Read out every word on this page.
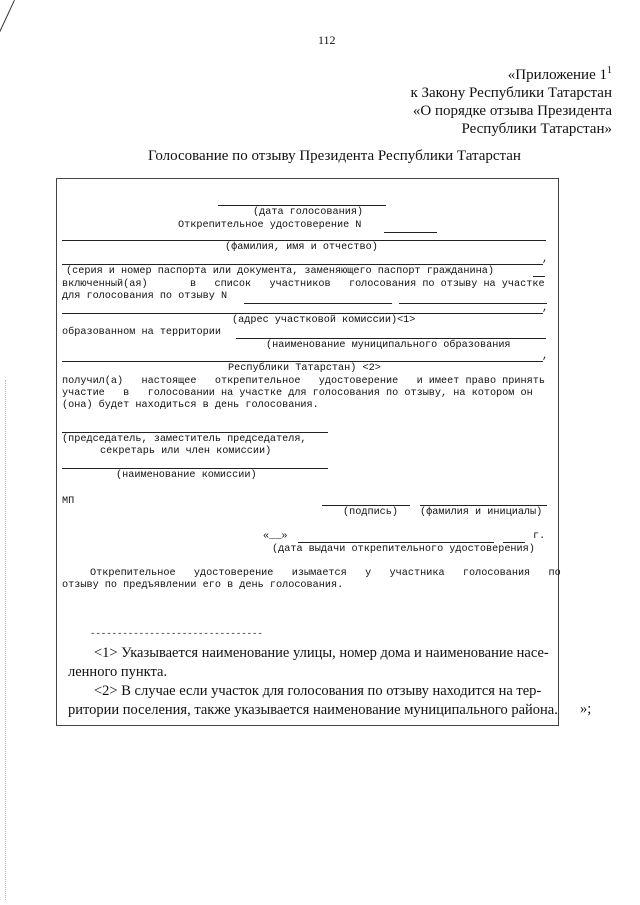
112
«Приложение $1^1$
к Закону Республики Татарстан
«О порядке отзыва Президента
Республики Татарстан»
Голосование по отзыву Президента Республики Татарстан
(дата голосования)
Открепительное удостоверение N
(фамилия, имя и отчество)
,
(серия и номер паспорта или документа, заменяющего паспорт гражданина)
включенный(ая)	в   список   участников   голосования по отзыву на участке
для голосования по отзыву N
,
(адрес участковой комиссии)<1>
образованном на территории
(наименование муниципального образования
,
Республики Татарстан) <2>
получил(а)   настоящее   открепительное   удостоверение   и имеет право принять
участие   в   голосовании на участке для голосования по отзыву, на котором он
(она) будет находиться в день голосования.
(председатель, заместитель председателя,
секретарь или член комиссии)
(наименование комиссии)
МП
(подпись) (фамилия и инициалы)
«__»	г.
(дата выдачи открепительного удостоверения)
Открепительное   удостоверение   изымается   у   участника   голосования   по
отзыву по предъявлении его в день голосования.
--------------------------------
<1> Указывается наименование улицы, номер дома и наименование насе-
ленного пункта.
<2> В случае если участок для голосования по отзыву находится на тер-
ритории поселения, также указывается наименование муниципального района. »;
